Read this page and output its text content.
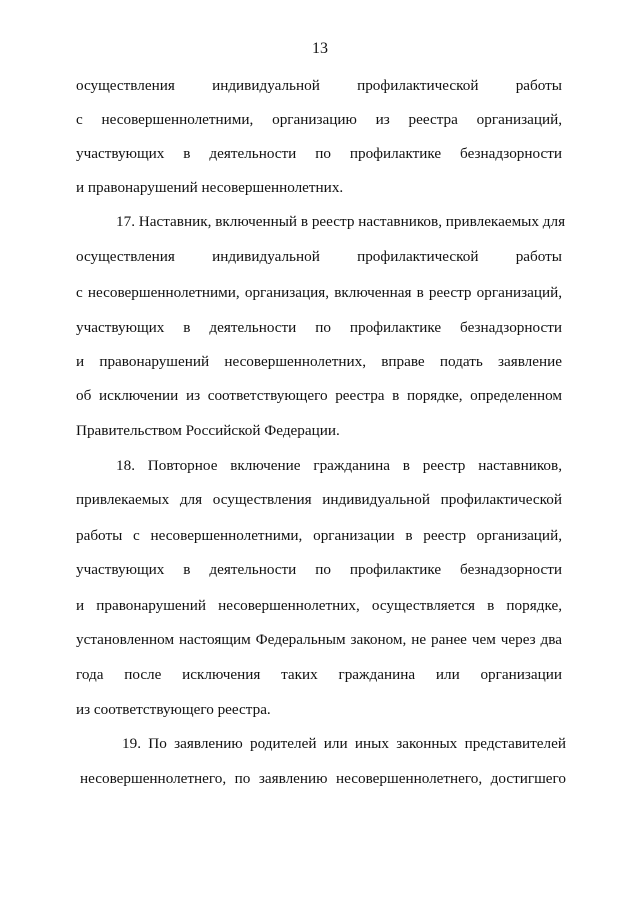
13
осуществления индивидуальной профилактической работы
с несовершеннолетними, организацию из реестра организаций,
участвующих в деятельности по профилактике безнадзорности
и правонарушений несовершеннолетних.
17. Наставник, включенный в реестр наставников, привлекаемых для
осуществления индивидуальной профилактической работы
с несовершеннолетними, организация, включенная в реестр организаций,
участвующих в деятельности по профилактике безнадзорности
и правонарушений несовершеннолетних, вправе подать заявление
об исключении из соответствующего реестра в порядке, определенном
Правительством Российской Федерации.
18. Повторное включение гражданина в реестр наставников,
привлекаемых для осуществления индивидуальной профилактической
работы с несовершеннолетними, организации в реестр организаций,
участвующих в деятельности по профилактике безнадзорности
и правонарушений несовершеннолетних, осуществляется в порядке,
установленном настоящим Федеральным законом, не ранее чем через два
года после исключения таких гражданина или организации
из соответствующего реестра.
19. По заявлению родителей или иных законных представителей
несовершеннолетнего, по заявлению несовершеннолетнего, достигшего
